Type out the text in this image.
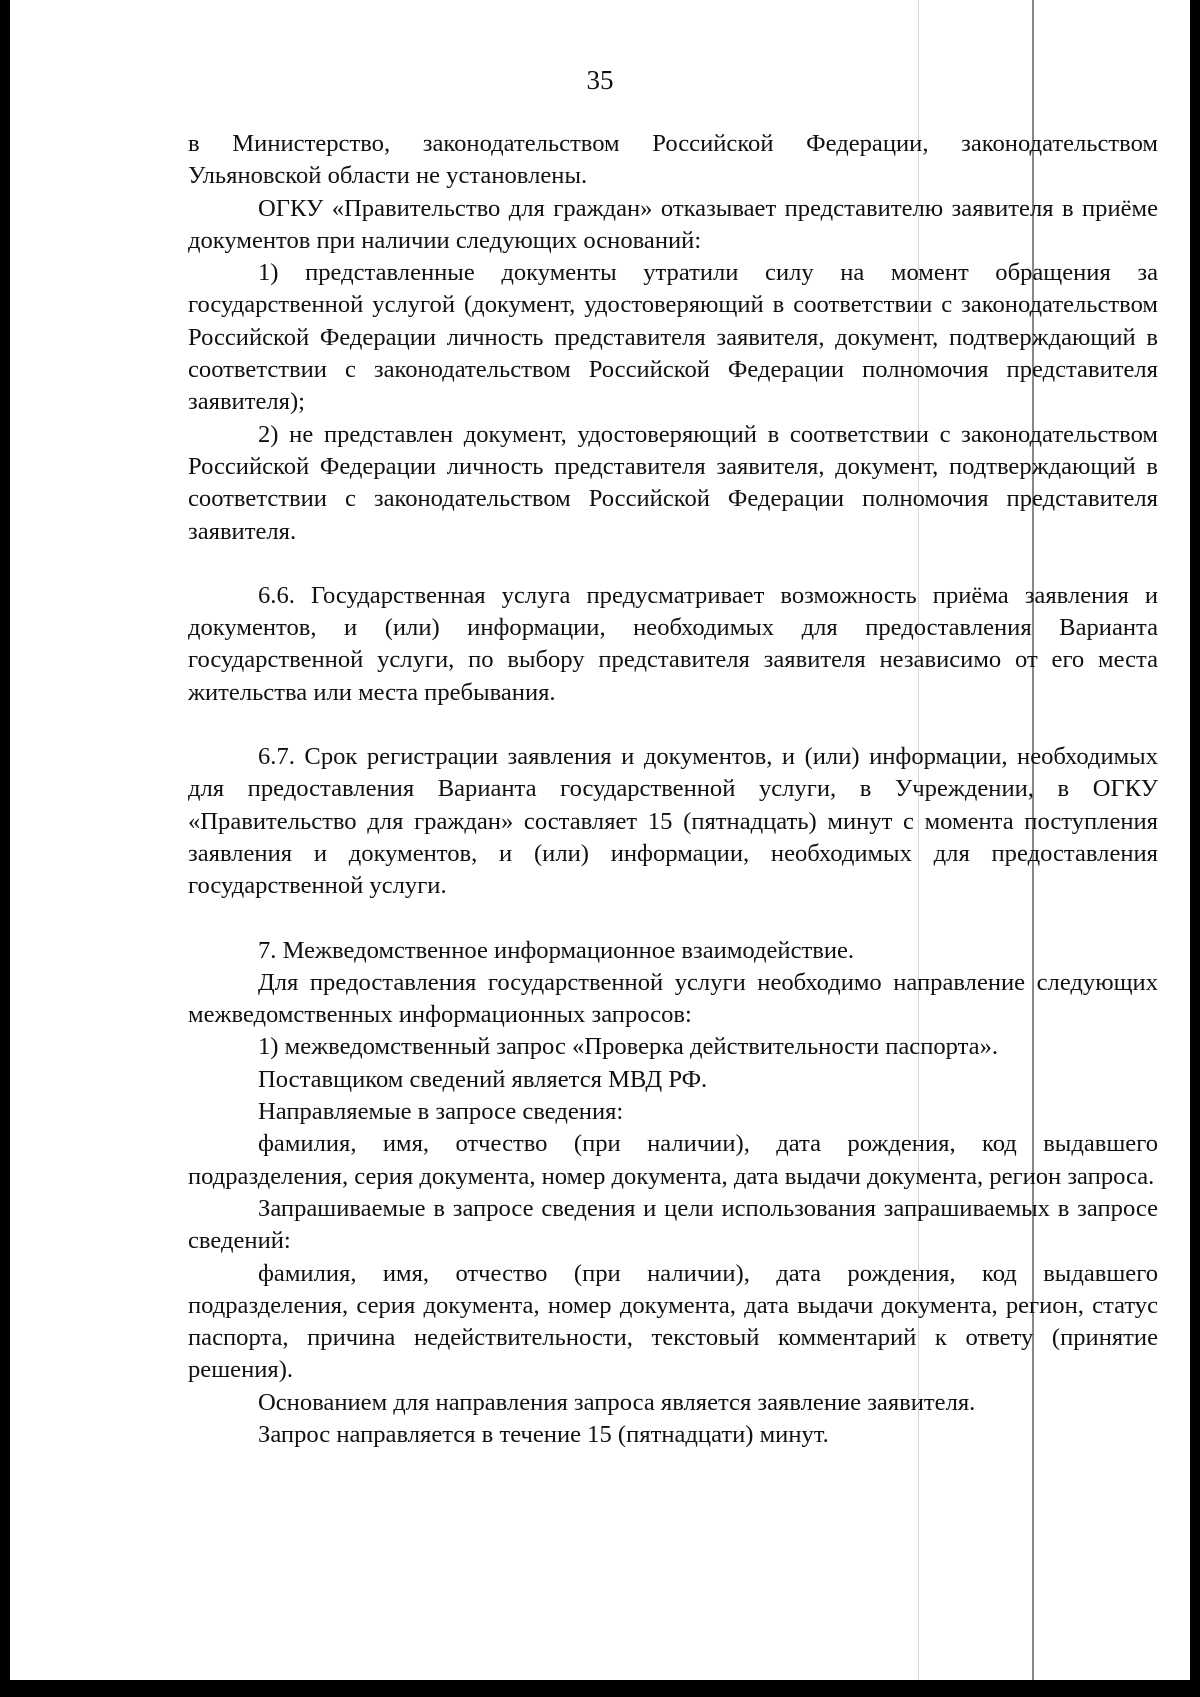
35

в Министерство, законодательством Российской Федерации, законодательством Ульяновской области не установлены.

ОГКУ «Правительство для граждан» отказывает представителю заявителя в приёме документов при наличии следующих оснований:

1) представленные документы утратили силу на момент обращения за государственной услугой (документ, удостоверяющий в соответствии с законодательством Российской Федерации личность представителя заявителя, документ, подтверждающий в соответствии с законодательством Российской Федерации полномочия представителя заявителя);

2) не представлен документ, удостоверяющий в соответствии с законодательством Российской Федерации личность представителя заявителя, документ, подтверждающий в соответствии с законодательством Российской Федерации полномочия представителя заявителя.

6.6. Государственная услуга предусматривает возможность приёма заявления и документов, и (или) информации, необходимых для предоставления Варианта государственной услуги, по выбору представителя заявителя независимо от его места жительства или места пребывания.

6.7. Срок регистрации заявления и документов, и (или) информации, необходимых для предоставления Варианта государственной услуги, в Учреждении, в ОГКУ «Правительство для граждан» составляет 15 (пятнадцать) минут с момента поступления заявления и документов, и (или) информации, необходимых для предоставления государственной услуги.

7. Межведомственное информационное взаимодействие.

Для предоставления государственной услуги необходимо направление следующих межведомственных информационных запросов:

1) межведомственный запрос «Проверка действительности паспорта».

Поставщиком сведений является МВД РФ.

Направляемые в запросе сведения:

фамилия, имя, отчество (при наличии), дата рождения, код выдавшего подразделения, серия документа, номер документа, дата выдачи документа, регион запроса.

Запрашиваемые в запросе сведения и цели использования запрашиваемых в запросе сведений:

фамилия, имя, отчество (при наличии), дата рождения, код выдавшего подразделения, серия документа, номер документа, дата выдачи документа, регион, статус паспорта, причина недействительности, текстовый комментарий к ответу (принятие решения).

Основанием для направления запроса является заявление заявителя.

Запрос направляется в течение 15 (пятнадцати) минут.
